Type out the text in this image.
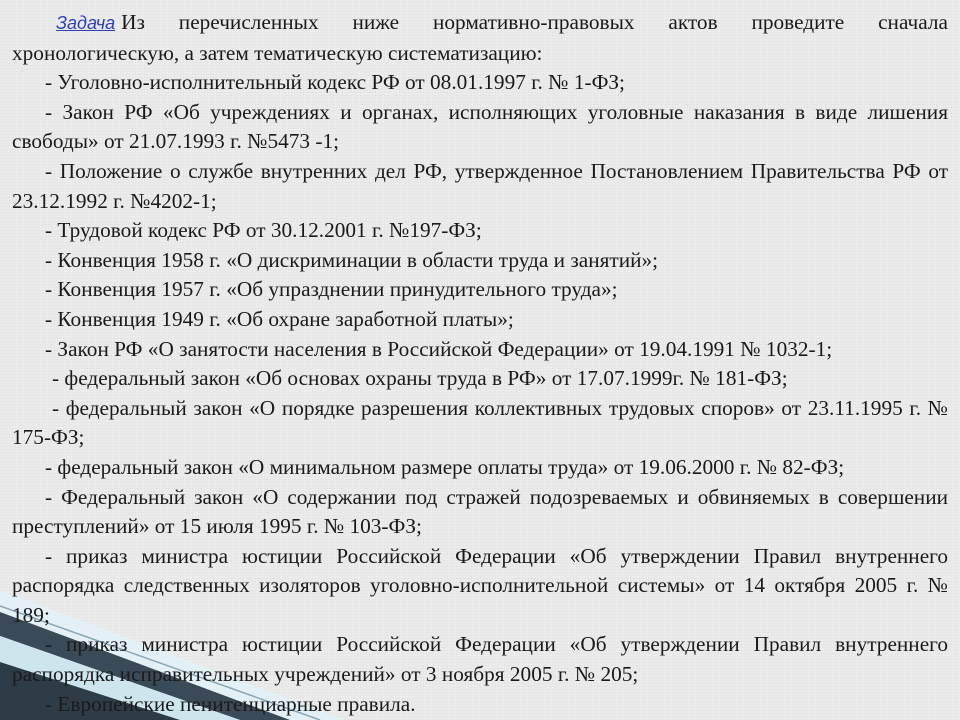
Задача Из перечисленных ниже нормативно-правовых актов проведите сначала хронологическую, а затем тематическую систематизацию:

- Уголовно-исполнительный кодекс РФ от 08.01.1997 г. № 1-ФЗ;

- Закон РФ «Об учреждениях и органах, исполняющих уголовные наказания в виде лишения свободы» от 21.07.1993 г. №5473 -1;

- Положение о службе внутренних дел РФ, утвержденное Постановлением Правительства РФ от 23.12.1992 г. №4202-1;

- Трудовой кодекс РФ от 30.12.2001 г. №197-ФЗ;

- Конвенция 1958 г. «О дискриминации в области труда и занятий»;

- Конвенция 1957 г. «Об упразднении принудительного труда»;

- Конвенция 1949 г. «Об охране заработной платы»;

- Закон РФ «О занятости населения в Российской Федерации» от 19.04.1991 № 1032-1;

- федеральный закон «Об основах охраны труда в РФ» от 17.07.1999г. № 181-ФЗ;

- федеральный закон «О порядке разрешения коллективных трудовых споров» от 23.11.1995 г. № 175-ФЗ;

- федеральный закон «О минимальном размере оплаты труда» от 19.06.2000 г. № 82-ФЗ;

- Федеральный закон «О содержании под стражей подозреваемых и обвиняемых в совершении преступлений» от 15 июля 1995 г. № 103-ФЗ;

- приказ министра юстиции Российской Федерации «Об утверждении Правил внутреннего распорядка следственных изоляторов уголовно-исполнительной системы» от 14 октября 2005 г. № 189;

- приказ министра юстиции Российской Федерации «Об утверждении Правил внутреннего распорядка исправительных учреждений» от 3 ноября 2005 г. № 205;

- Европейские пенитенциарные правила.
